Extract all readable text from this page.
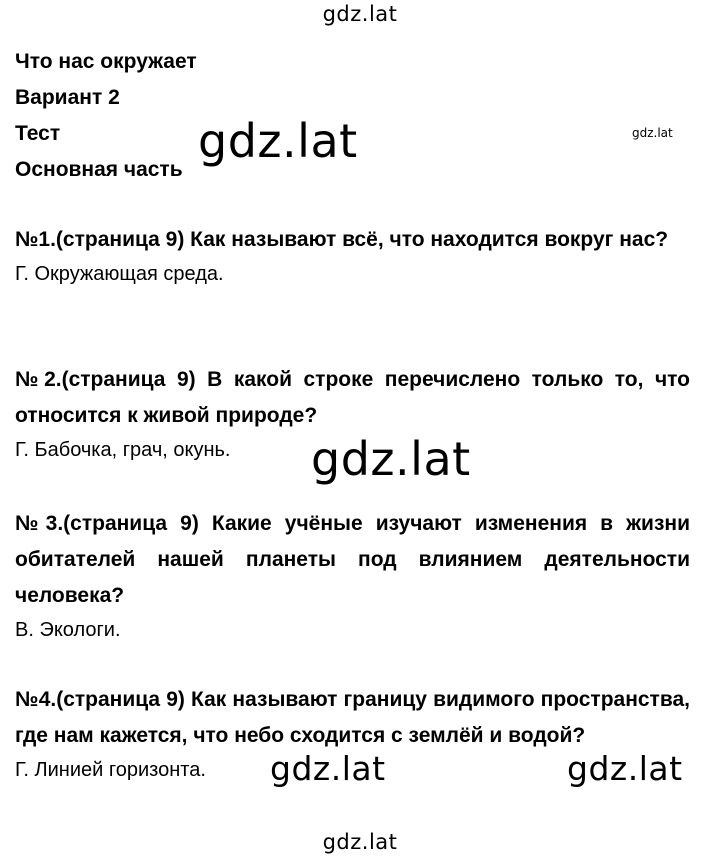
gdz.lat
gdz.lat	gdz.lat
Что нас окружает
Вариант 2
Тест
Основная часть
№1.(страница 9) Как называют всё, что находится вокруг нас?
Г. Окружающая среда.
№2.(страница 9) В какой строке перечислено только то, что относится к живой природе?
Г. Бабочка, грач, окунь.	gdz.lat
№3.(страница 9) Какие учёные изучают изменения в жизни обитателей нашей планеты под влиянием деятельности человека?
В. Экологи.
№4.(страница 9) Как называют границу видимого пространства, где нам кажется, что небо сходится с землёй и водой?
Г. Линией горизонта.	gdz.lat	gdz.lat
gdz.lat
